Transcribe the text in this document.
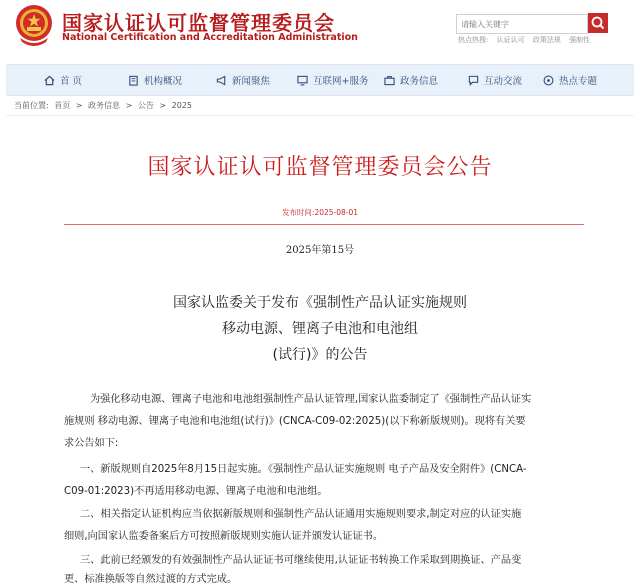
国家认证认可监督管理委员会
National Certification and Accreditation Administration
请输入关键字	热点热搜: 认证认可 政策法规 强制性
首 页	机构概况	新闻聚焦	互联网+服务	政务信息	互动交流	热点专题
当前位置: 首页 > 政务信息 > 公告 > 2025
国家认证认可监督管理委员会公告
发布时间:2025-08-01
2025年第15号
国家认监委关于发布《强制性产品认证实施规则
移动电源、锂离子电池和电池组
(试行)》的公告
为强化移动电源、锂离子电池和电池组强制性产品认证管理,国家认监委制定了《强制性产品认证实
施规则 移动电源、锂离子电池和电池组(试行)》(CNCA-C09-02:2025)(以下称新版规则)。现将有关要
求公告如下:
一、新版规则自2025年8月15日起实施。《强制性产品认证实施规则 电子产品及安全附件》(CNCA-
C09-01:2023)不再适用移动电源、锂离子电池和电池组。
二、相关指定认证机构应当依据新版规则和强制性产品认证通用实施规则要求,制定对应的认证实施
细则,向国家认监委备案后方可按照新版规则实施认证并颁发认证证书。
三、此前已经颁发的有效强制性产品认证证书可继续使用,认证证书转换工作采取到期换证、产品变
更、标准换版等自然过渡的方式完成。
